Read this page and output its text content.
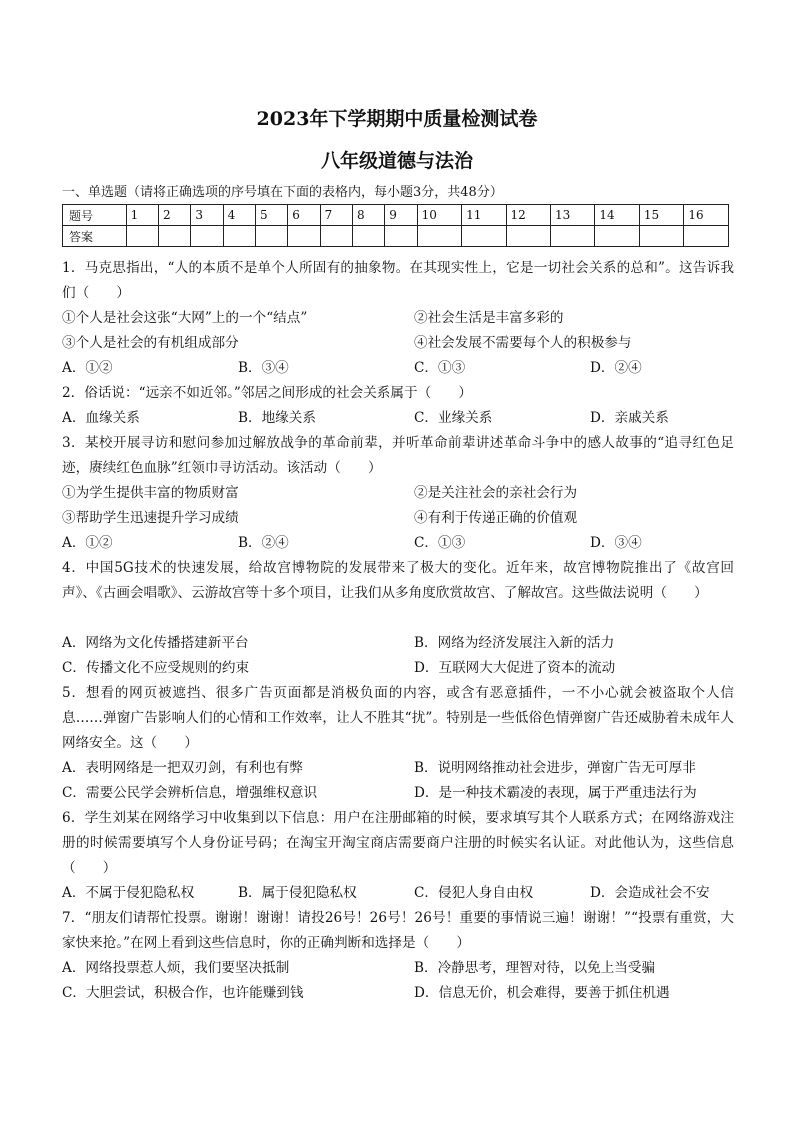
2023年下学期期中质量检测试卷
八年级道德与法治
一、单选题（请将正确选项的序号填在下面的表格内，每小题3分，共48分）
题号	1	2	3	4	5	6	7	8	9	10	11	12	13	14	15	16
答案																
1．马克思指出，“人的本质不是单个人所固有的抽象物。在其现实性上，它是一切社会关系的总和”。这告诉我们（　　）
①个人是社会这张“大网”上的一个“结点”	②社会生活是丰富多彩的
③个人是社会的有机组成部分	④社会发展不需要每个人的积极参与
A．①②	B．③④	C．①③	D．②④
2．俗话说：“远亲不如近邻。”邻居之间形成的社会关系属于（　　）
A．血缘关系	B．地缘关系	C．业缘关系	D．亲戚关系
3．某校开展寻访和慰问参加过解放战争的革命前辈，并听革命前辈讲述革命斗争中的感人故事的“追寻红色足迹，赓续红色血脉”红领巾寻访活动。该活动（　　）
①为学生提供丰富的物质财富	②是关注社会的亲社会行为
③帮助学生迅速提升学习成绩	④有利于传递正确的价值观
A．①②	B．②④	C．①③	D．③④
4．中国5G技术的快速发展，给故宫博物院的发展带来了极大的变化。近年来，故宫博物院推出了《故宫回声》、《古画会唱歌》、云游故宫等十多个项目，让我们从多角度欣赏故宫、了解故宫。这些做法说明（　　）
A．网络为文化传播搭建新平台	B．网络为经济发展注入新的活力
C．传播文化不应受规则的约束	D．互联网大大促进了资本的流动
5．想看的网页被遮挡、很多广告页面都是消极负面的内容，或含有恶意插件，一不小心就会被盗取个人信息……弹窗广告影响人们的心情和工作效率，让人不胜其“扰”。特别是一些低俗色情弹窗广告还威胁着未成年人网络安全。这（　　）
A．表明网络是一把双刃剑，有利也有弊	B．说明网络推动社会进步，弹窗广告无可厚非
C．需要公民学会辨析信息，增强维权意识	D．是一种技术霸凌的表现，属于严重违法行为
6．学生刘某在网络学习中收集到以下信息：用户在注册邮箱的时候，要求填写其个人联系方式；在网络游戏注册的时候需要填写个人身份证号码；在淘宝开淘宝商店需要商户注册的时候实名认证。对此他认为，这些信息（　　）
A．不属于侵犯隐私权	B．属于侵犯隐私权	C．侵犯人身自由权	D．会造成社会不安
7．“朋友们请帮忙投票。谢谢！谢谢！请投26号！26号！26号！重要的事情说三遍！谢谢！”“投票有重赏，大家快来抢。”在网上看到这些信息时，你的正确判断和选择是（　　）
A．网络投票惹人烦，我们要坚决抵制	B．冷静思考，理智对待，以免上当受骗
C．大胆尝试，积极合作，也许能赚到钱	D．信息无价，机会难得，要善于抓住机遇
